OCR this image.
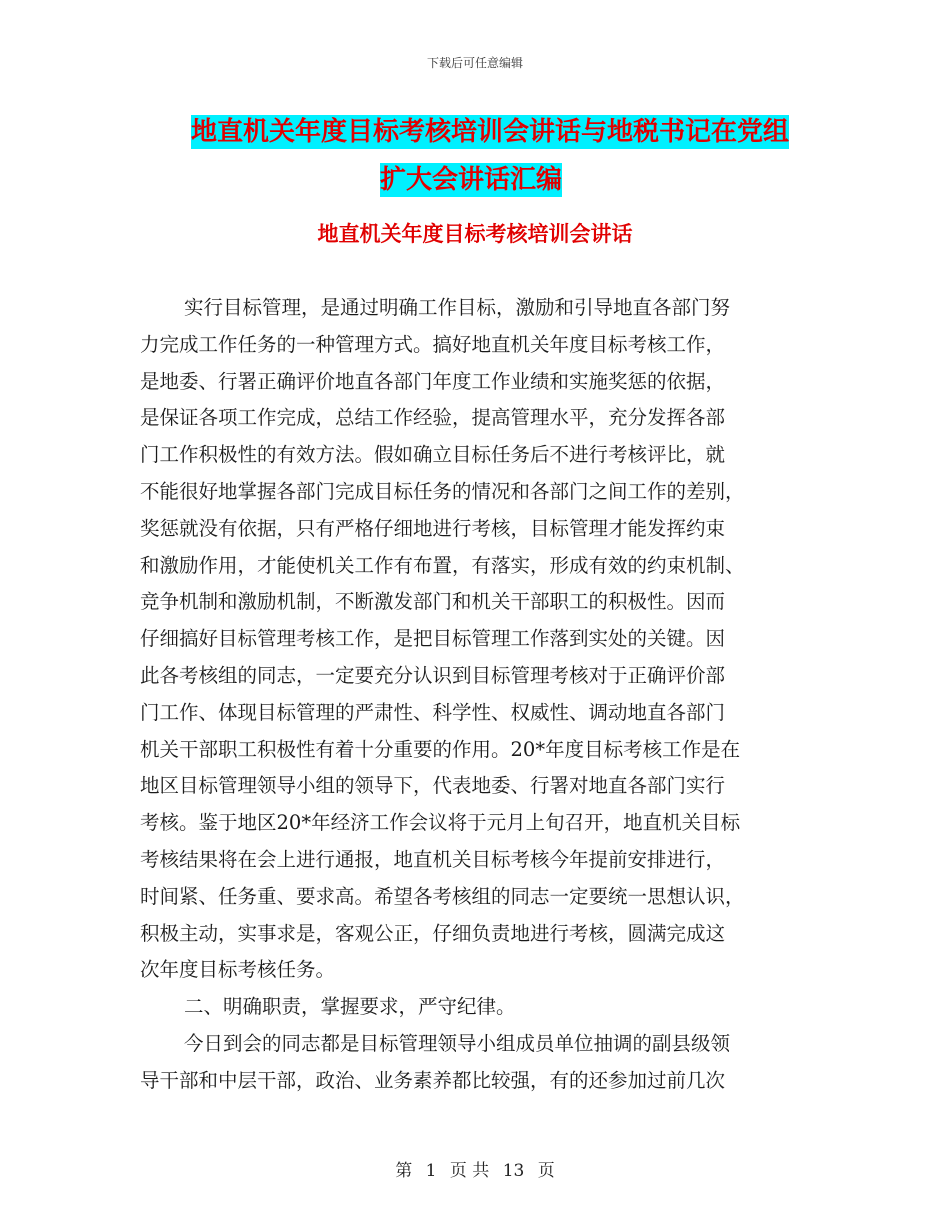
下载后可任意编辑
地直机关年度目标考核培训会讲话与地税书记在党组
扩大会讲话汇编
地直机关年度目标考核培训会讲话
实行目标管理，是通过明确工作目标，激励和引导地直各部门努
力完成工作任务的一种管理方式。搞好地直机关年度目标考核工作，
是地委、行署正确评价地直各部门年度工作业绩和实施奖惩的依据，
是保证各项工作完成，总结工作经验，提高管理水平，充分发挥各部
门工作积极性的有效方法。假如确立目标任务后不进行考核评比，就
不能很好地掌握各部门完成目标任务的情况和各部门之间工作的差别，
奖惩就没有依据，只有严格仔细地进行考核，目标管理才能发挥约束
和激励作用，才能使机关工作有布置，有落实，形成有效的约束机制、
竞争机制和激励机制，不断激发部门和机关干部职工的积极性。因而
仔细搞好目标管理考核工作，是把目标管理工作落到实处的关键。因
此各考核组的同志，一定要充分认识到目标管理考核对于正确评价部
门工作、体现目标管理的严肃性、科学性、权威性、调动地直各部门
机关干部职工积极性有着十分重要的作用。20*年度目标考核工作是在
地区目标管理领导小组的领导下，代表地委、行署对地直各部门实行
考核。鉴于地区20*年经济工作会议将于元月上旬召开，地直机关目标
考核结果将在会上进行通报，地直机关目标考核今年提前安排进行，
时间紧、任务重、要求高。希望各考核组的同志一定要统一思想认识，
积极主动，实事求是，客观公正，仔细负责地进行考核，圆满完成这
次年度目标考核任务。
二、明确职责，掌握要求，严守纪律。
今日到会的同志都是目标管理领导小组成员单位抽调的副县级领
导干部和中层干部，政治、业务素养都比较强，有的还参加过前几次
第 1 页 共 13 页
